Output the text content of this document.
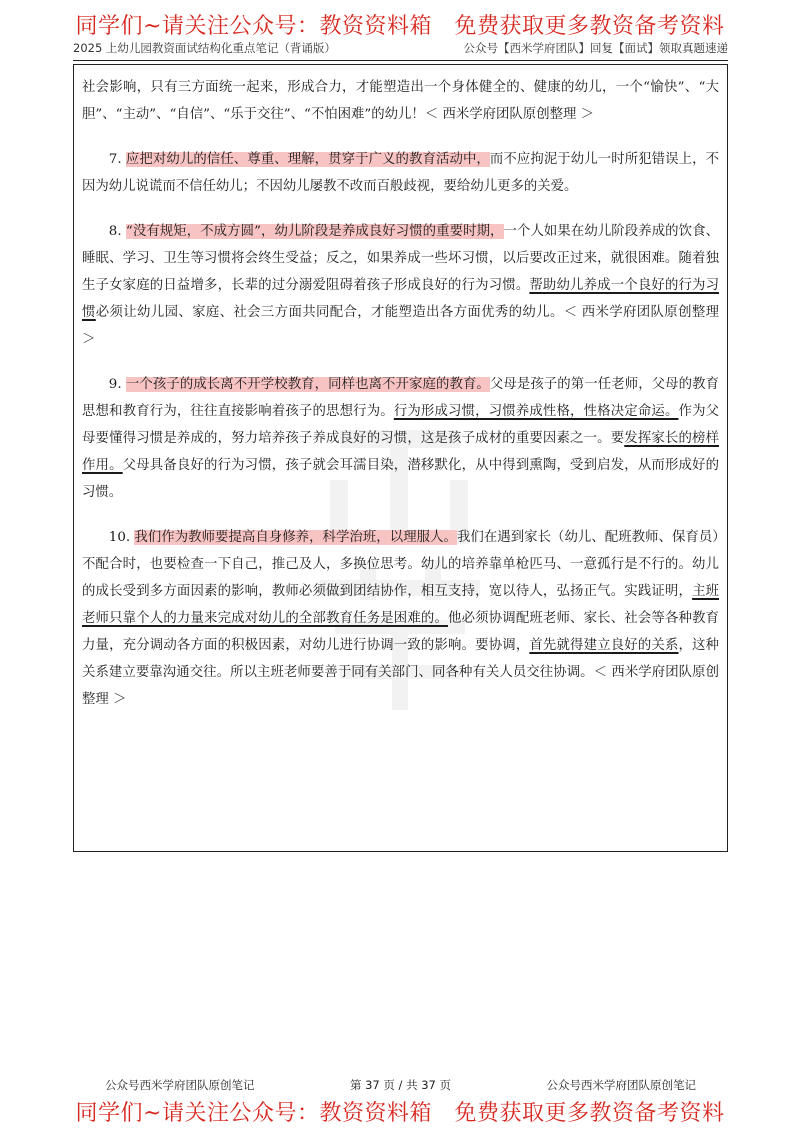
同学们~请关注公众号：教资资料箱　免费获取更多教资备考资料
2025 上幼儿园教资面试结构化重点笔记（背诵版）	公众号【西米学府团队】回复【面试】领取真题速递

社会影响，只有三方面统一起来，形成合力，才能塑造出一个身体健全的、健康的幼儿，一个“愉快”、“大胆”、“主动”、“自信”、“乐于交往”、“不怕困难”的幼儿！＜ 西米学府团队原创整理 ＞

7. 应把对幼儿的信任、尊重、理解，贯穿于广义的教育活动中，而不应拘泥于幼儿一时所犯错误上，不因为幼儿说谎而不信任幼儿；不因幼儿屡教不改而百般歧视，要给幼儿更多的关爱。

8. “没有规矩，不成方圆”，幼儿阶段是养成良好习惯的重要时期，一个人如果在幼儿阶段养成的饮食、睡眠、学习、卫生等习惯将会终生受益；反之，如果养成一些坏习惯，以后要改正过来，就很困难。随着独生子女家庭的日益增多，长辈的过分溺爱阻碍着孩子形成良好的行为习惯。帮助幼儿养成一个良好的行为习惯必须让幼儿园、家庭、社会三方面共同配合，才能塑造出各方面优秀的幼儿。＜ 西米学府团队原创整理 ＞

9. 一个孩子的成长离不开学校教育，同样也离不开家庭的教育。父母是孩子的第一任老师，父母的教育思想和教育行为，往往直接影响着孩子的思想行为。行为形成习惯，习惯养成性格，性格决定命运。作为父母要懂得习惯是养成的，努力培养孩子养成良好的习惯，这是孩子成材的重要因素之一。要发挥家长的榜样作用。父母具备良好的行为习惯，孩子就会耳濡目染，潜移默化，从中得到熏陶，受到启发，从而形成好的习惯。

10. 我们作为教师要提高自身修养，科学治班，以理服人。我们在遇到家长（幼儿、配班教师、保育员）不配合时，也要检查一下自己，推己及人，多换位思考。幼儿的培养靠单枪匹马、一意孤行是不行的。幼儿的成长受到多方面因素的影响，教师必须做到团结协作，相互支持，宽以待人，弘扬正气。实践证明，主班老师只靠个人的力量来完成对幼儿的全部教育任务是困难的。他必须协调配班老师、家长、社会等各种教育力量，充分调动各方面的积极因素，对幼儿进行协调一致的影响。要协调，首先就得建立良好的关系，这种关系建立要靠沟通交往。所以主班老师要善于同有关部门、同各种有关人员交往协调。＜ 西米学府团队原创整理 ＞

公众号西米学府团队原创笔记	第 37 页 / 共 37 页	公众号西米学府团队原创笔记
同学们~请关注公众号：教资资料箱　免费获取更多教资备考资料
